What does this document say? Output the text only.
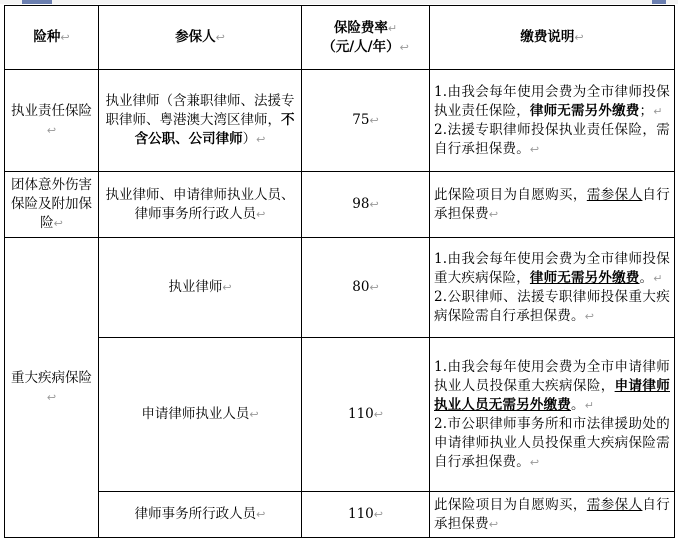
险种↩	参保人↩	保险费率↵
（元/人/年）↩	缴费说明↩
执业责任保险↩	执业律师（含兼职律师、法援专职律师、粤港澳大湾区律师，不含公职、公司律师）↩	75↩	1.由我会每年使用会费为全市律师投保执业责任保险，律师无需另外缴费；↵
2.法援专职律师投保执业责任保险，需自行承担保费。↩
团体意外伤害保险及附加保险↩	执业律师、申请律师执业人员、律师事务所行政人员↩	98↩	此保险项目为自愿购买，需参保人自行承担保费↩
重大疾病保险↩	执业律师↩	80↩	1.由我会每年使用会费为全市律师投保重大疾病保险，律师无需另外缴费。↵
2.公职律师、法援专职律师投保重大疾病保险需自行承担保费。↩
	申请律师执业人员↩	110↩	1.由我会每年使用会费为全市申请律师执业人员投保重大疾病保险，申请律师执业人员无需另外缴费。↵
2.市公职律师事务所和市法律援助处的申请律师执业人员投保重大疾病保险需自行承担保费。↩
	律师事务所行政人员↩	110↩	此保险项目为自愿购买，需参保人自行承担保费↩
